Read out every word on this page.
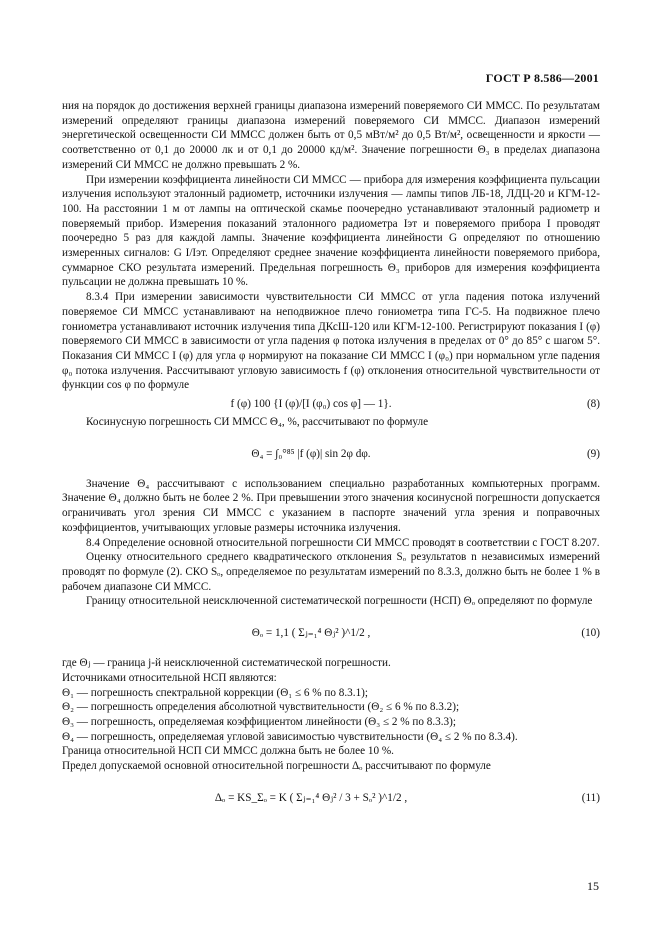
ГОСТ Р 8.586—2001

ния на порядок до достижения верхней границы диапазона измерений поверяемого СИ ММСС. По результатам измерений определяют границы диапазона измерений поверяемого СИ ММСС. Диапазон измерений энергетической освещенности СИ ММСС должен быть от 0,5 мВт/м² до 0,5 Вт/м², освещенности и яркости — соответственно от 0,1 до 20000 лк и от 0,1 до 20000 кд/м². Значение погрешности Θ₃ в пределах диапазона измерений СИ ММСС не должно превышать 2 %.

При измерении коэффициента линейности СИ ММСС — прибора для измерения коэффициента пульсации излучения используют эталонный радиометр, источники излучения — лампы типов ЛБ-18, ЛДЦ-20 и КГМ-12-100. На расстоянии 1 м от лампы на оптической скамье поочередно устанавливают эталонный радиометр и поверяемый прибор. Измерения показаний эталонного радиометра Iэт и поверяемого прибора I проводят поочередно 5 раз для каждой лампы. Значение коэффициента линейности G определяют по отношению измеренных сигналов: G I/Iэт. Определяют среднее значение коэффициента линейности поверяемого прибора, суммарное СКО результата измерений. Предельная погрешность Θ₃ приборов для измерения коэффициента пульсации не должна превышать 10 %.

8.3.4 При измерении зависимости чувствительности СИ ММСС от угла падения потока излучений поверяемое СИ ММСС устанавливают на неподвижное плечо гониометра типа ГС-5. На подвижное плечо гониометра устанавливают источник излучения типа ДКсШ-120 или КГМ-12-100. Регистрируют показания I (φ) поверяемого СИ ММСС в зависимости от угла падения φ потока излучения в пределах от 0° до 85° с шагом 5°. Показания СИ ММСС I (φ) для угла φ нормируют на показание СИ ММСС I (φ₀) при нормальном угле падения φ₀ потока излучения. Рассчитывают угловую зависимость f (φ) отклонения относительной чувствительности от функции cos φ по формуле

f (φ) 100 {I (φ)/[I (φ₀) cos φ] — 1}.	(8)

Косинусную погрешность СИ ММСС Θ₄, %, рассчитывают по формуле

Θ₄ = ∫₀°⁸⁵ |f (φ)| sin 2φ dφ.	(9)

Значение Θ₄ рассчитывают с использованием специально разработанных компьютерных программ. Значение Θ₄ должно быть не более 2 %. При превышении этого значения косинусной погрешности допускается ограничивать угол зрения СИ ММСС с указанием в паспорте значений угла зрения и поправочных коэффициентов, учитывающих угловые размеры источника излучения.

8.4 Определение основной относительной погрешности СИ ММСС проводят в соответствии с ГОСТ 8.207.

Оценку относительного среднего квадратического отклонения Sₒ результатов n независимых измерений проводят по формуле (2). СКО Sₒ, определяемое по результатам измерений по 8.3.3, должно быть не более 1 % в рабочем диапазоне СИ ММСС.

Границу относительной неисключенной систематической погрешности (НСП) Θₒ определяют по формуле

Θₒ = 1,1 ( Σⱼ₌₁⁴ Θⱼ² )^1/2 ,	(10)

где Θⱼ — граница j-й неисключенной систематической погрешности.

Источниками относительной НСП являются:

Θ₁ — погрешность спектральной коррекции (Θ₁ ≤ 6 % по 8.3.1);

Θ₂ — погрешность определения абсолютной чувствительности (Θ₂ ≤ 6 % по 8.3.2);

Θ₃ — погрешность, определяемая коэффициентом линейности (Θ₃ ≤ 2 % по 8.3.3);

Θ₄ — погрешность, определяемая угловой зависимостью чувствительности (Θ₄ ≤ 2 % по 8.3.4).

Граница относительной НСП СИ ММСС должна быть не более 10 %.

Предел допускаемой основной относительной погрешности Δₒ рассчитывают по формуле

Δₒ = KS_Σₒ = K ( Σⱼ₌₁⁴ Θⱼ² / 3 + Sₒ² )^1/2 ,	(11)
15
